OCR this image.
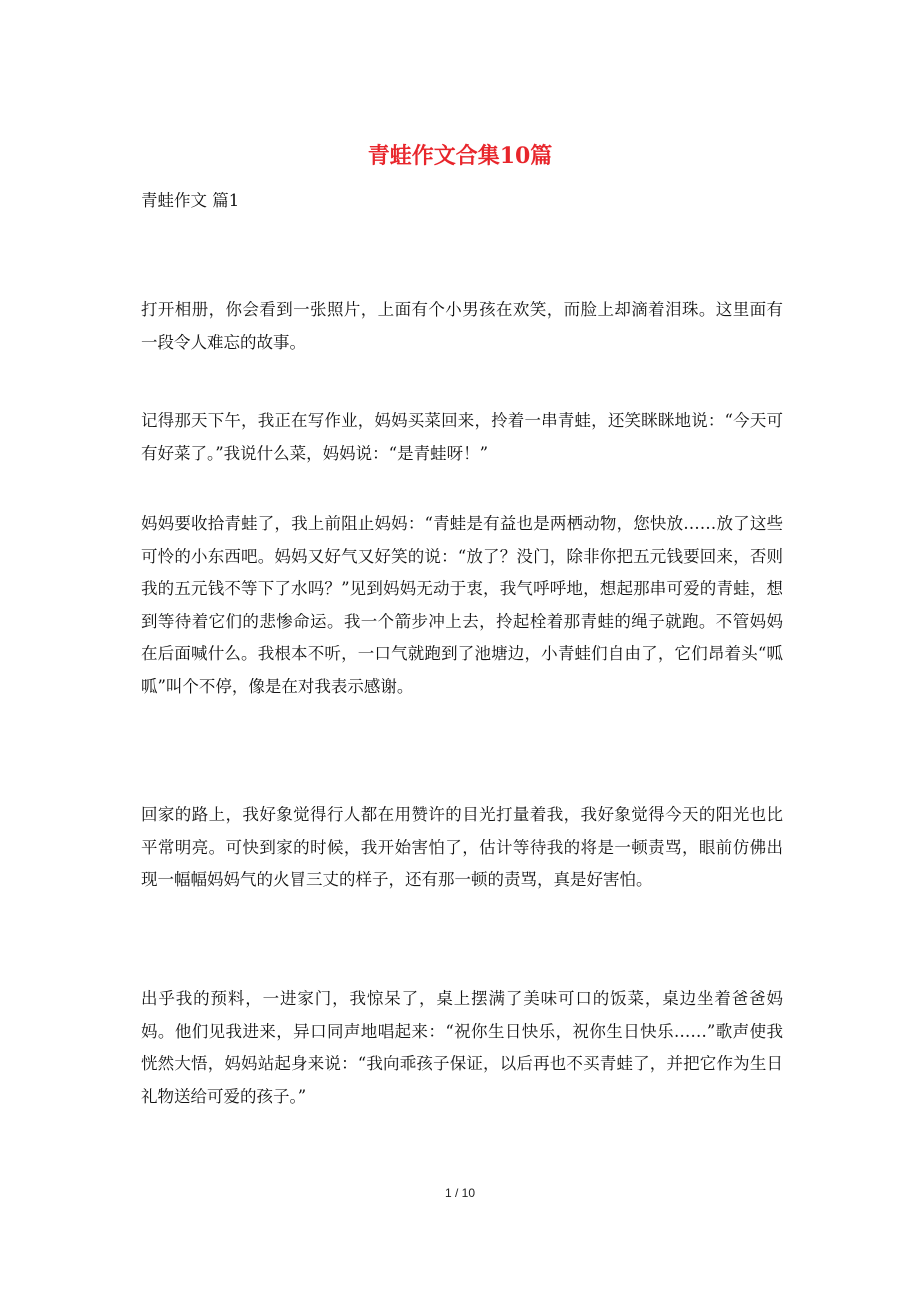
青蛙作文合集10篇

青蛙作文 篇1

打开相册，你会看到一张照片，上面有个小男孩在欢笑，而脸上却滴着泪珠。这里面有一段令人难忘的故事。

记得那天下午，我正在写作业，妈妈买菜回来，拎着一串青蛙，还笑眯眯地说：“今天可有好菜了。”我说什么菜，妈妈说：“是青蛙呀！”

妈妈要收拾青蛙了，我上前阻止妈妈：“青蛙是有益也是两栖动物，您快放……放了这些可怜的小东西吧。妈妈又好气又好笑的说：“放了？没门，除非你把五元钱要回来，否则我的五元钱不等下了水吗？”见到妈妈无动于衷，我气呼呼地，想起那串可爱的青蛙，想到等待着它们的悲惨命运。我一个箭步冲上去，拎起栓着那青蛙的绳子就跑。不管妈妈在后面喊什么。我根本不听，一口气就跑到了池塘边，小青蛙们自由了，它们昂着头“呱呱”叫个不停，像是在对我表示感谢。

回家的路上，我好象觉得行人都在用赞许的目光打量着我，我好象觉得今天的阳光也比平常明亮。可快到家的时候，我开始害怕了，估计等待我的将是一顿责骂，眼前仿佛出现一幅幅妈妈气的火冒三丈的样子，还有那一顿的责骂，真是好害怕。

出乎我的预料，一进家门，我惊呆了，桌上摆满了美味可口的饭菜，桌边坐着爸爸妈妈。他们见我进来，异口同声地唱起来：“祝你生日快乐，祝你生日快乐……”歌声使我恍然大悟，妈妈站起身来说：“我向乖孩子保证，以后再也不买青蛙了，并把它作为生日礼物送给可爱的孩子。”

1 / 10
